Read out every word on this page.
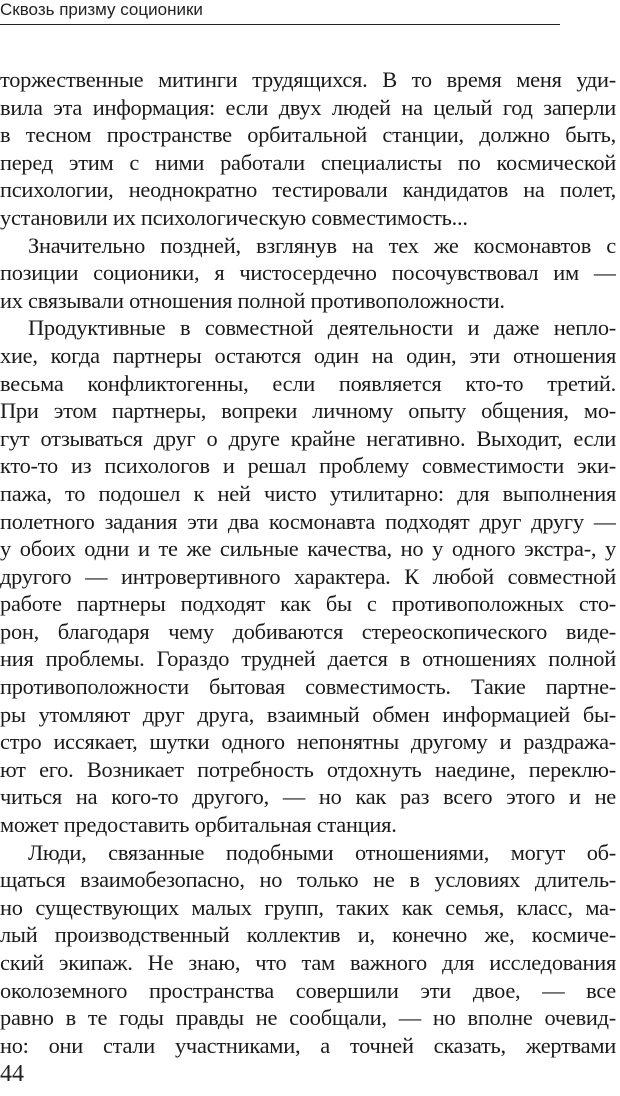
Сквозь призму соционики
торжественные митинги трудящихся. В то время меня уди-
вила эта информация: если двух людей на целый год заперли
в тесном пространстве орбитальной станции, должно быть,
перед этим с ними работали специалисты по космической
психологии, неоднократно тестировали кандидатов на полет,
установили их психологическую совместимость...
Значительно поздней, взглянув на тех же космонавтов с
позиции соционики, я чистосердечно посочувствовал им —
их связывали отношения полной противоположности.
Продуктивные в совместной деятельности и даже непло-
хие, когда партнеры остаются один на один, эти отношения
весьма конфликтогенны, если появляется кто-то третий.
При этом партнеры, вопреки личному опыту общения, мо-
гут отзываться друг о друге крайне негативно. Выходит, если
кто-то из психологов и решал проблему совместимости эки-
пажа, то подошел к ней чисто утилитарно: для выполнения
полетного задания эти два космонавта подходят друг другу —
у обоих одни и те же сильные качества, но у одного экстра-, у
другого — интровертивного характера. К любой совместной
работе партнеры подходят как бы с противоположных сто-
рон, благодаря чему добиваются стереоскопического виде-
ния проблемы. Гораздо трудней дается в отношениях полной
противоположности бытовая совместимость. Такие партне-
ры утомляют друг друга, взаимный обмен информацией бы-
стро иссякает, шутки одного непонятны другому и раздража-
ют его. Возникает потребность отдохнуть наедине, переклю-
читься на кого-то другого, — но как раз всего этого и не
может предоставить орбитальная станция.
Люди, связанные подобными отношениями, могут об-
щаться взаимобезопасно, но только не в условиях длитель-
но существующих малых групп, таких как семья, класс, ма-
лый производственный коллектив и, конечно же, космиче-
ский экипаж. Не знаю, что там важного для исследования
околоземного пространства совершили эти двое, — все
равно в те годы правды не сообщали, — но вполне очевид-
но: они стали участниками, а точней сказать, жертвами
44
